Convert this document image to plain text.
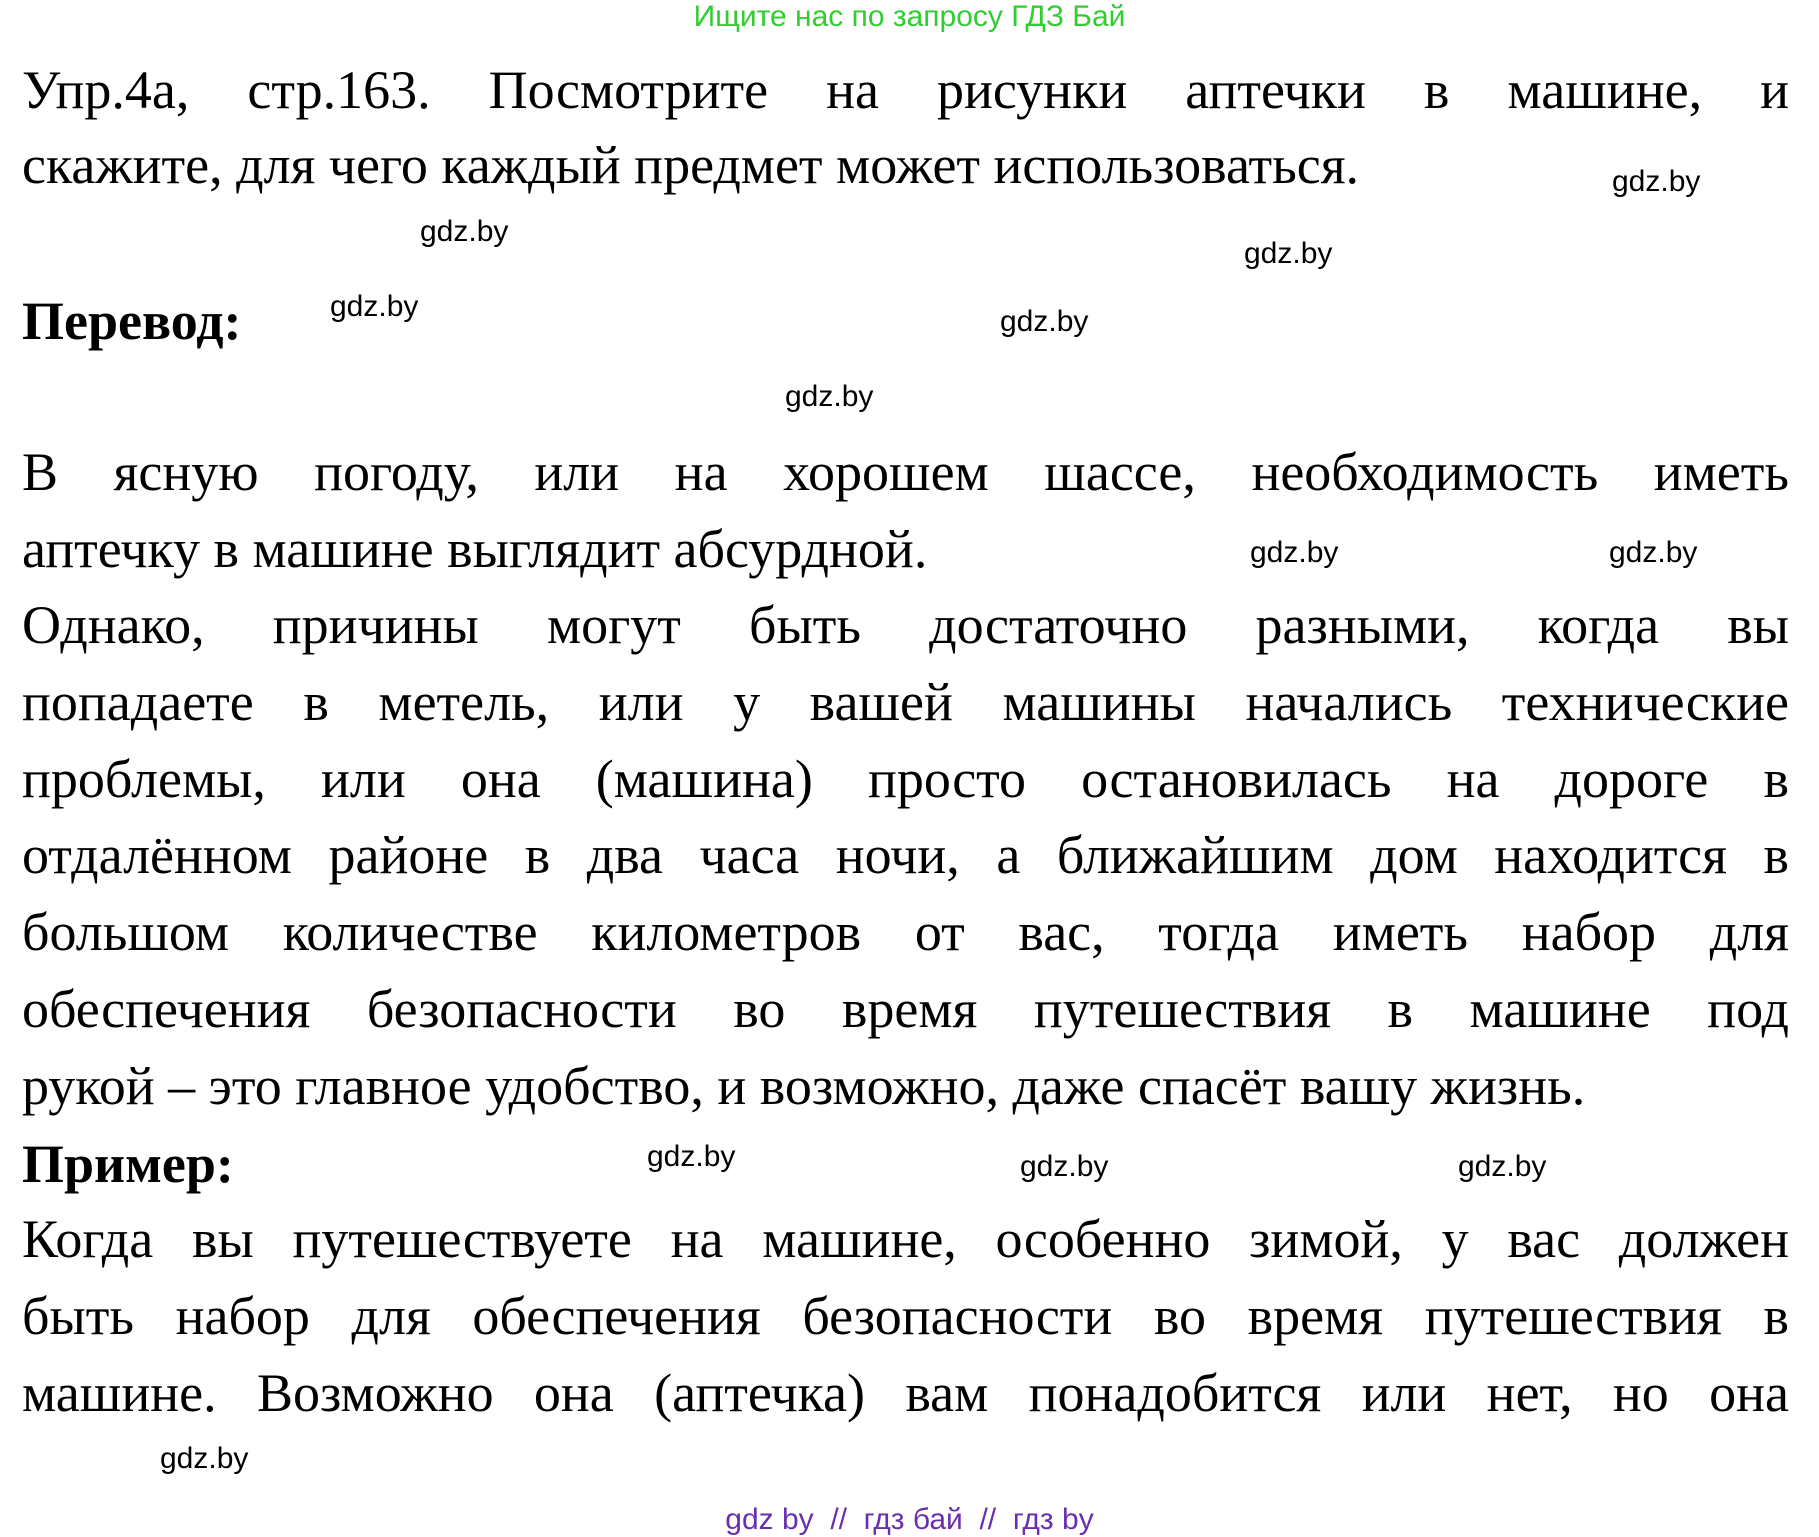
Ищите нас по запросу ГДЗ Бай
Упр.4а, стр.163. Посмотрите на рисунки аптечки в машине, и
скажите, для чего каждый предмет может использоваться.
Перевод:
В ясную погоду, или на хорошем шассе, необходимость иметь
аптечку в машине выглядит абсурдной.
Однако, причины могут быть достаточно разными, когда вы
попадаете в метель, или у вашей машины начались технические
проблемы, или она (машина) просто остановилась на дороге в
отдалённом районе в два часа ночи, а ближайшим дом находится в
большом количестве километров от вас, тогда иметь набор для
обеспечения безопасности во время путешествия в машине под
рукой – это главное удобство, и возможно, даже спасёт вашу жизнь.
Пример:
Когда вы путешествуете на машине, особенно зимой, у вас должен
быть набор для обеспечения безопасности во время путешествия в
машине. Возможно она (аптечка) вам понадобится или нет, но она
gdz.by
gdz.by
gdz.by
gdz.by
gdz.by
gdz.by
gdz.by
gdz.by
gdz.by	gdz.by
gdz.by
gdz.by
gdz by  //  гдз бай  //  гдз by
